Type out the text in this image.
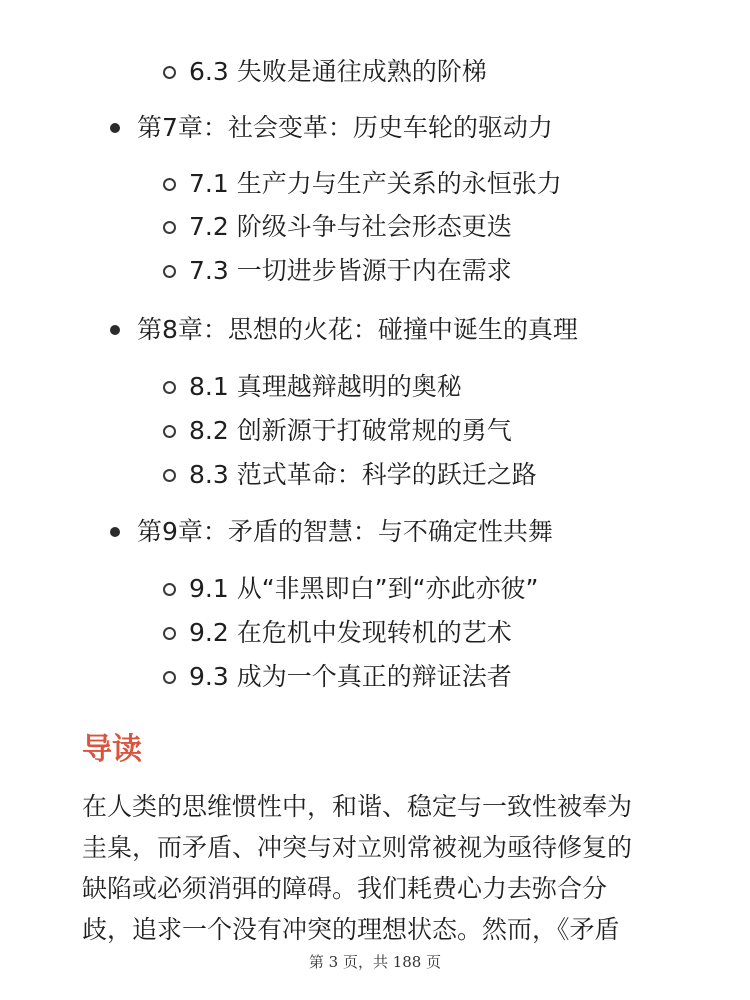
6.3 失败是通往成熟的阶梯
第7章：社会变革：历史车轮的驱动力
7.1 生产力与生产关系的永恒张力
7.2 阶级斗争与社会形态更迭
7.3 一切进步皆源于内在需求
第8章：思想的火花：碰撞中诞生的真理
8.1 真理越辩越明的奥秘
8.2 创新源于打破常规的勇气
8.3 范式革命：科学的跃迁之路
第9章：矛盾的智慧：与不确定性共舞
9.1 从“非黑即白”到“亦此亦彼”
9.2 在危机中发现转机的艺术
9.3 成为一个真正的辩证法者
导读
在人类的思维惯性中，和谐、稳定与一致性被奉为
圭臬，而矛盾、冲突与对立则常被视为亟待修复的
缺陷或必须消弭的障碍。我们耗费心力去弥合分
歧，追求一个没有冲突的理想状态。然而，《矛盾
第 3 页，共 188 页
